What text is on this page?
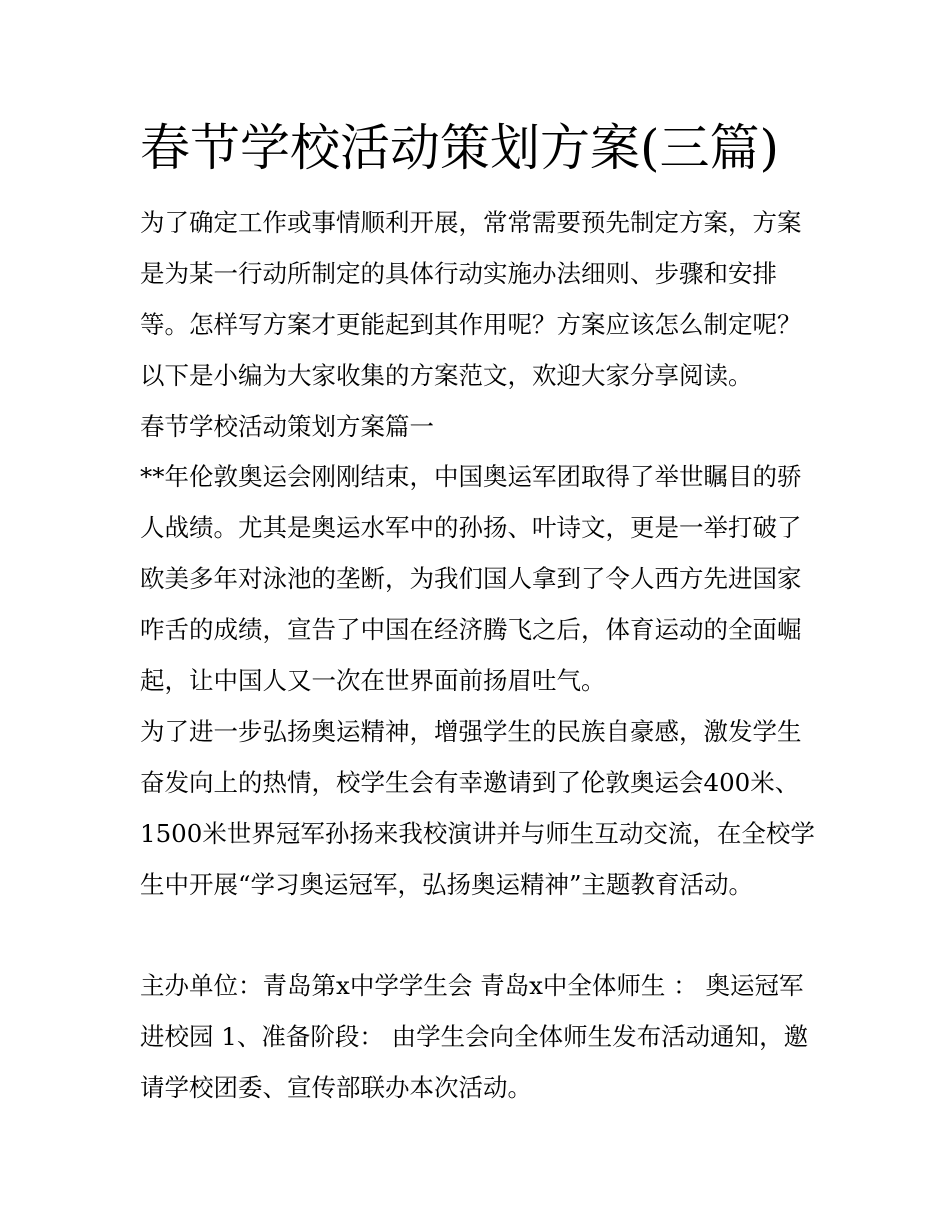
春节学校活动策划方案(三篇)

为了确定工作或事情顺利开展，常常需要预先制定方案，方案是为某一行动所制定的具体行动实施办法细则、步骤和安排等。怎样写方案才更能起到其作用呢？方案应该怎么制定呢？以下是小编为大家收集的方案范文，欢迎大家分享阅读。

春节学校活动策划方案篇一

**年伦敦奥运会刚刚结束，中国奥运军团取得了举世瞩目的骄人战绩。尤其是奥运水军中的孙扬、叶诗文，更是一举打破了欧美多年对泳池的垄断，为我们国人拿到了令人西方先进国家咋舌的成绩，宣告了中国在经济腾飞之后，体育运动的全面崛起，让中国人又一次在世界面前扬眉吐气。

为了进一步弘扬奥运精神，增强学生的民族自豪感，激发学生奋发向上的热情，校学生会有幸邀请到了伦敦奥运会400米、1500米世界冠军孙扬来我校演讲并与师生互动交流，在全校学生中开展“学习奥运冠军，弘扬奥运精神”主题教育活动。

主办单位：青岛第x中学学生会 青岛x中全体师生 ： 奥运冠军进校园 1、准备阶段： 由学生会向全体师生发布活动通知，邀请学校团委、宣传部联办本次活动。
